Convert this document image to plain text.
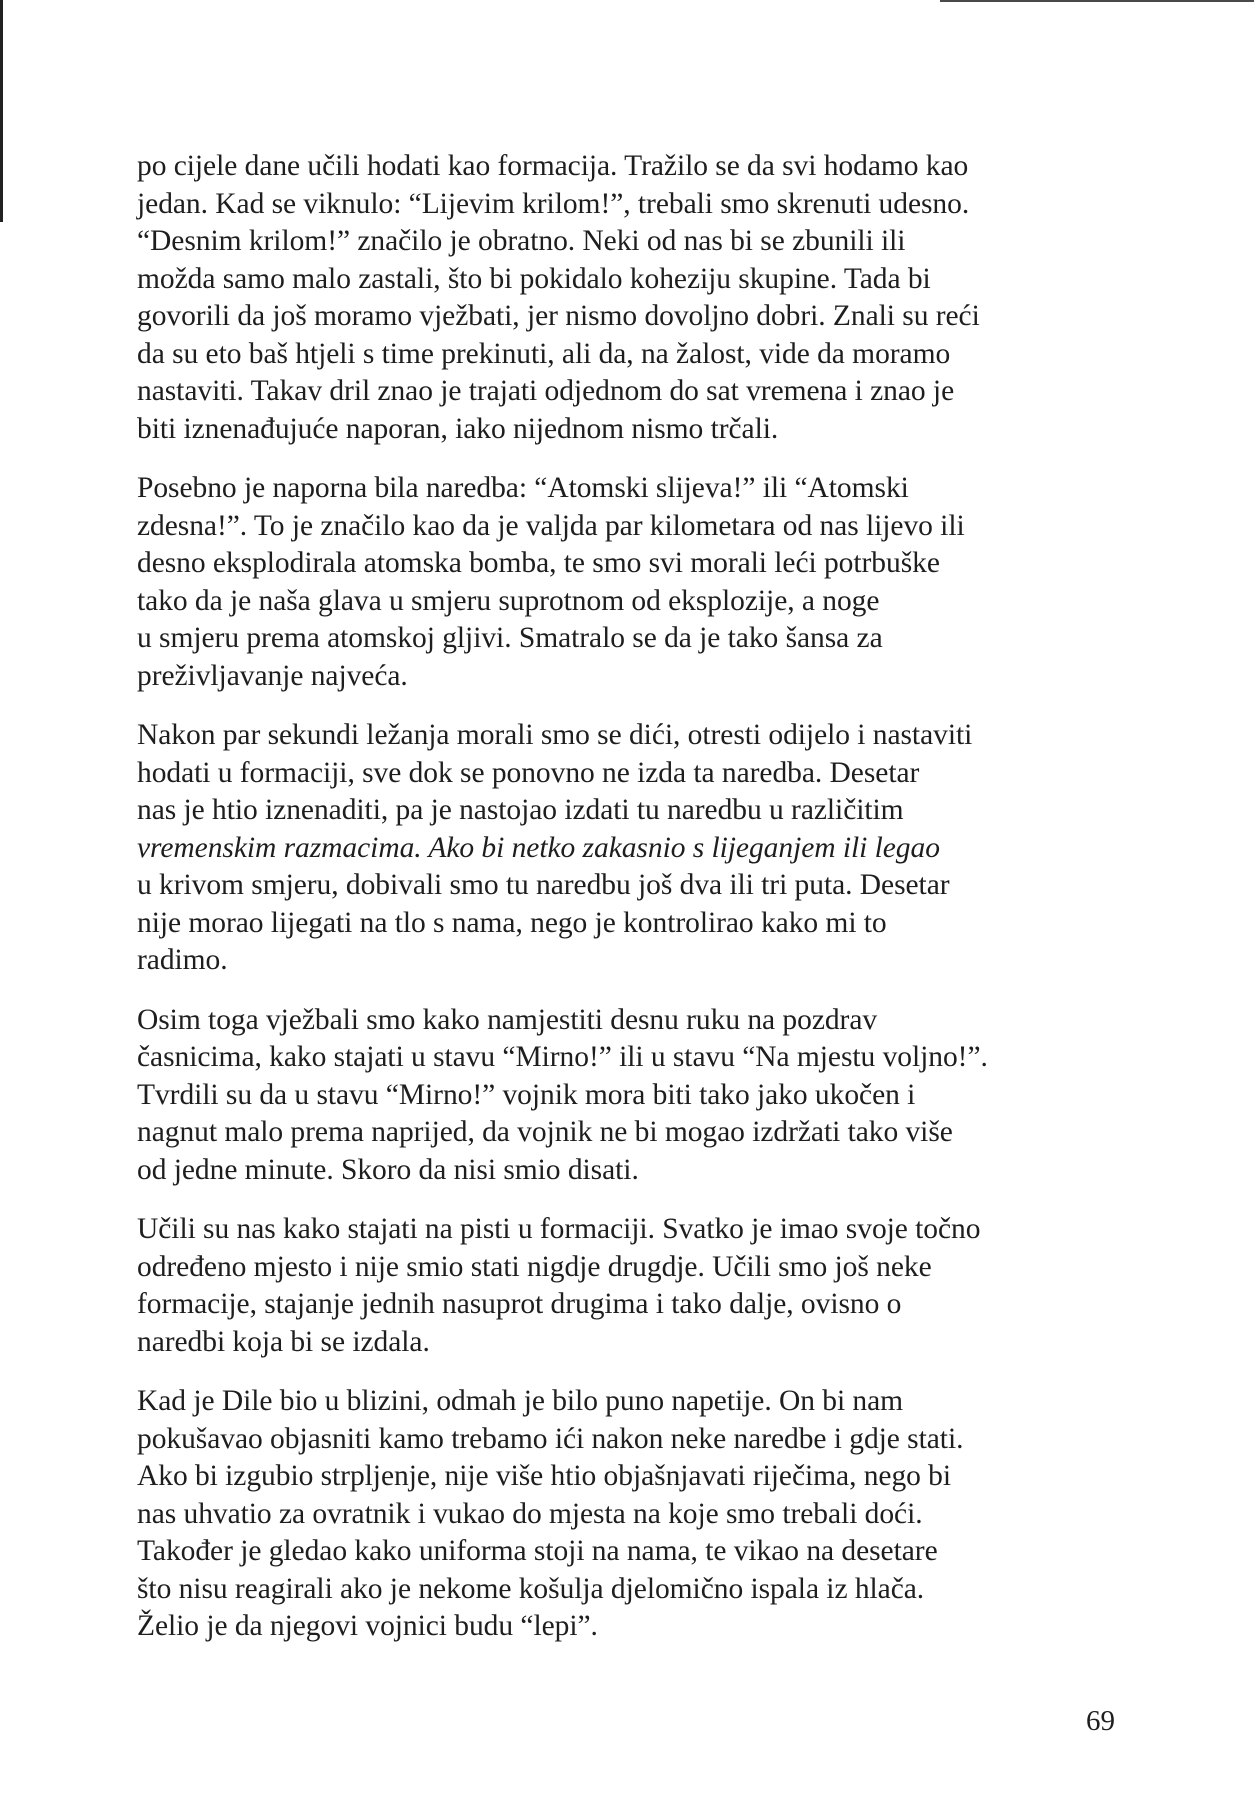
po cijele dane učili hodati kao formacija. Tražilo se da svi hodamo kao
jedan. Kad se viknulo: “Lijevim krilom!”, trebali smo skrenuti udesno.
“Desnim krilom!” značilo je obratno. Neki od nas bi se zbunili ili
možda samo malo zastali, što bi pokidalo koheziju skupine. Tada bi
govorili da još moramo vježbati, jer nismo dovoljno dobri. Znali su reći
da su eto baš htjeli s time prekinuti, ali da, na žalost, vide da moramo
nastaviti. Takav dril znao je trajati odjednom do sat vremena i znao je
biti iznenađujuće naporan, iako nijednom nismo trčali.

Posebno je naporna bila naredba: “Atomski slijeva!” ili “Atomski
zdesna!”. To je značilo kao da je valjda par kilometara od nas lijevo ili
desno eksplodirala atomska bomba, te smo svi morali leći potrbuške
tako da je naša glava u smjeru suprotnom od eksplozije, a noge
u smjeru prema atomskoj gljivi. Smatralo se da je tako šansa za
preživljavanje najveća.

Nakon par sekundi ležanja morali smo se dići, otresti odijelo i nastaviti
hodati u formaciji, sve dok se ponovno ne izda ta naredba. Desetar
nas je htio iznenaditi, pa je nastojao izdati tu naredbu u različitim
vremenskim razmacima. Ako bi netko zakasnio s lijeganjem ili legao
u krivom smjeru, dobivali smo tu naredbu još dva ili tri puta. Desetar
nije morao lijegati na tlo s nama, nego je kontrolirao kako mi to
radimo.

Osim toga vježbali smo kako namjestiti desnu ruku na pozdrav
časnicima, kako stajati u stavu “Mirno!” ili u stavu “Na mjestu voljno!”.
Tvrdili su da u stavu “Mirno!” vojnik mora biti tako jako ukočen i
nagnut malo prema naprijed, da vojnik ne bi mogao izdržati tako više
od jedne minute. Skoro da nisi smio disati.

Učili su nas kako stajati na pisti u formaciji. Svatko je imao svoje točno
određeno mjesto i nije smio stati nigdje drugdje. Učili smo još neke
formacije, stajanje jednih nasuprot drugima i tako dalje, ovisno o
naredbi koja bi se izdala.

Kad je Dile bio u blizini, odmah je bilo puno napetije. On bi nam
pokušavao objasniti kamo trebamo ići nakon neke naredbe i gdje stati.
Ako bi izgubio strpljenje, nije više htio objašnjavati riječima, nego bi
nas uhvatio za ovratnik i vukao do mjesta na koje smo trebali doći.
Također je gledao kako uniforma stoji na nama, te vikao na desetare
što nisu reagirali ako je nekome košulja djelomično ispala iz hlača.
Želio je da njegovi vojnici budu “lepi”.

69
